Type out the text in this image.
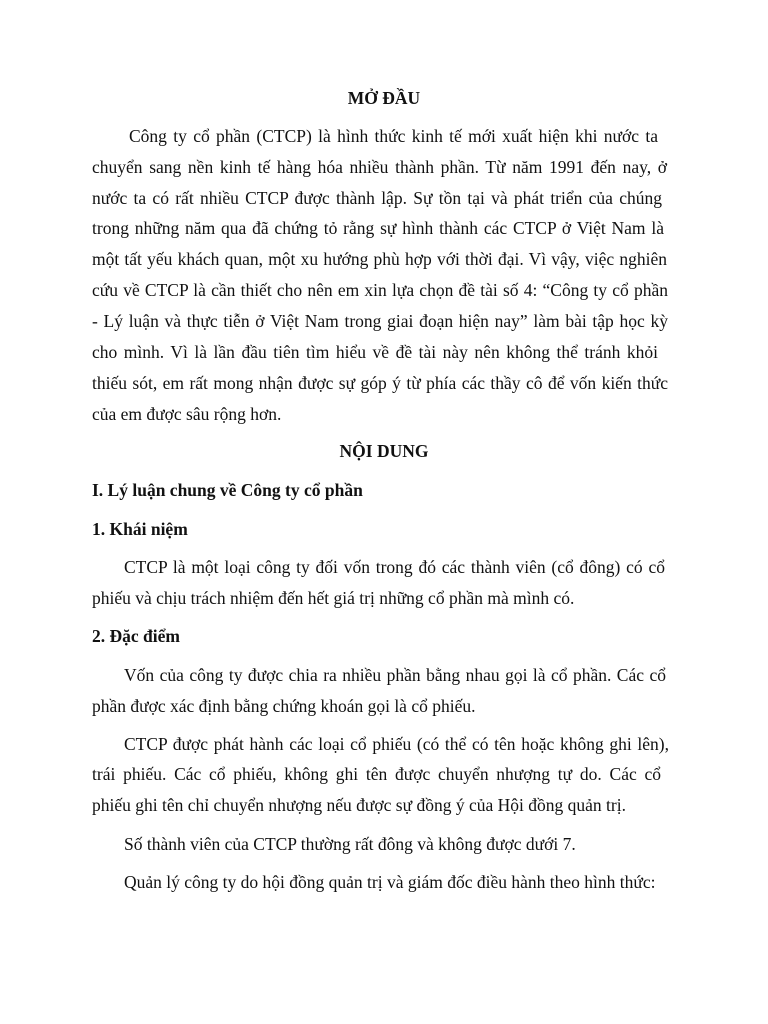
MỞ ĐẦU
Công ty cổ phần (CTCP) là hình thức kinh tế mới xuất hiện khi nước ta
chuyển sang nền kinh tế hàng hóa nhiều thành phần. Từ năm 1991 đến nay, ở
nước ta có rất nhiều CTCP được thành lập. Sự tồn tại và phát triển của chúng
trong những năm qua đã chứng tỏ rằng sự hình thành các CTCP ở Việt Nam là
một tất yếu khách quan, một xu hướng phù hợp với thời đại. Vì vậy, việc nghiên
cứu về CTCP là cần thiết cho nên em xin lựa chọn đề tài số 4: “Công ty cổ phần
- Lý luận và thực tiễn ở Việt Nam trong giai đoạn hiện nay” làm bài tập học kỳ
cho mình. Vì là lần đầu tiên tìm hiểu về đề tài này nên không thể tránh khỏi
thiếu sót, em rất mong nhận được sự góp ý từ phía các thầy cô để vốn kiến thức
của em được sâu rộng hơn.
NỘI DUNG
I. Lý luận chung về Công ty cổ phần
1. Khái niệm
CTCP là một loại công ty đối vốn trong đó các thành viên (cổ đông) có cổ
phiếu và chịu trách nhiệm đến hết giá trị những cổ phần mà mình có.
2. Đặc điểm
Vốn của công ty được chia ra nhiều phần bằng nhau gọi là cổ phần. Các cổ
phần được xác định bằng chứng khoán gọi là cổ phiếu.
CTCP được phát hành các loại cổ phiếu (có thể có tên hoặc không ghi lên),
trái phiếu. Các cổ phiếu, không ghi tên được chuyển nhượng tự do. Các cổ
phiếu ghi tên chỉ chuyển nhượng nếu được sự đồng ý của Hội đồng quản trị.
Số thành viên của CTCP thường rất đông và không được dưới 7.
Quản lý công ty do hội đồng quản trị và giám đốc điều hành theo hình thức:
